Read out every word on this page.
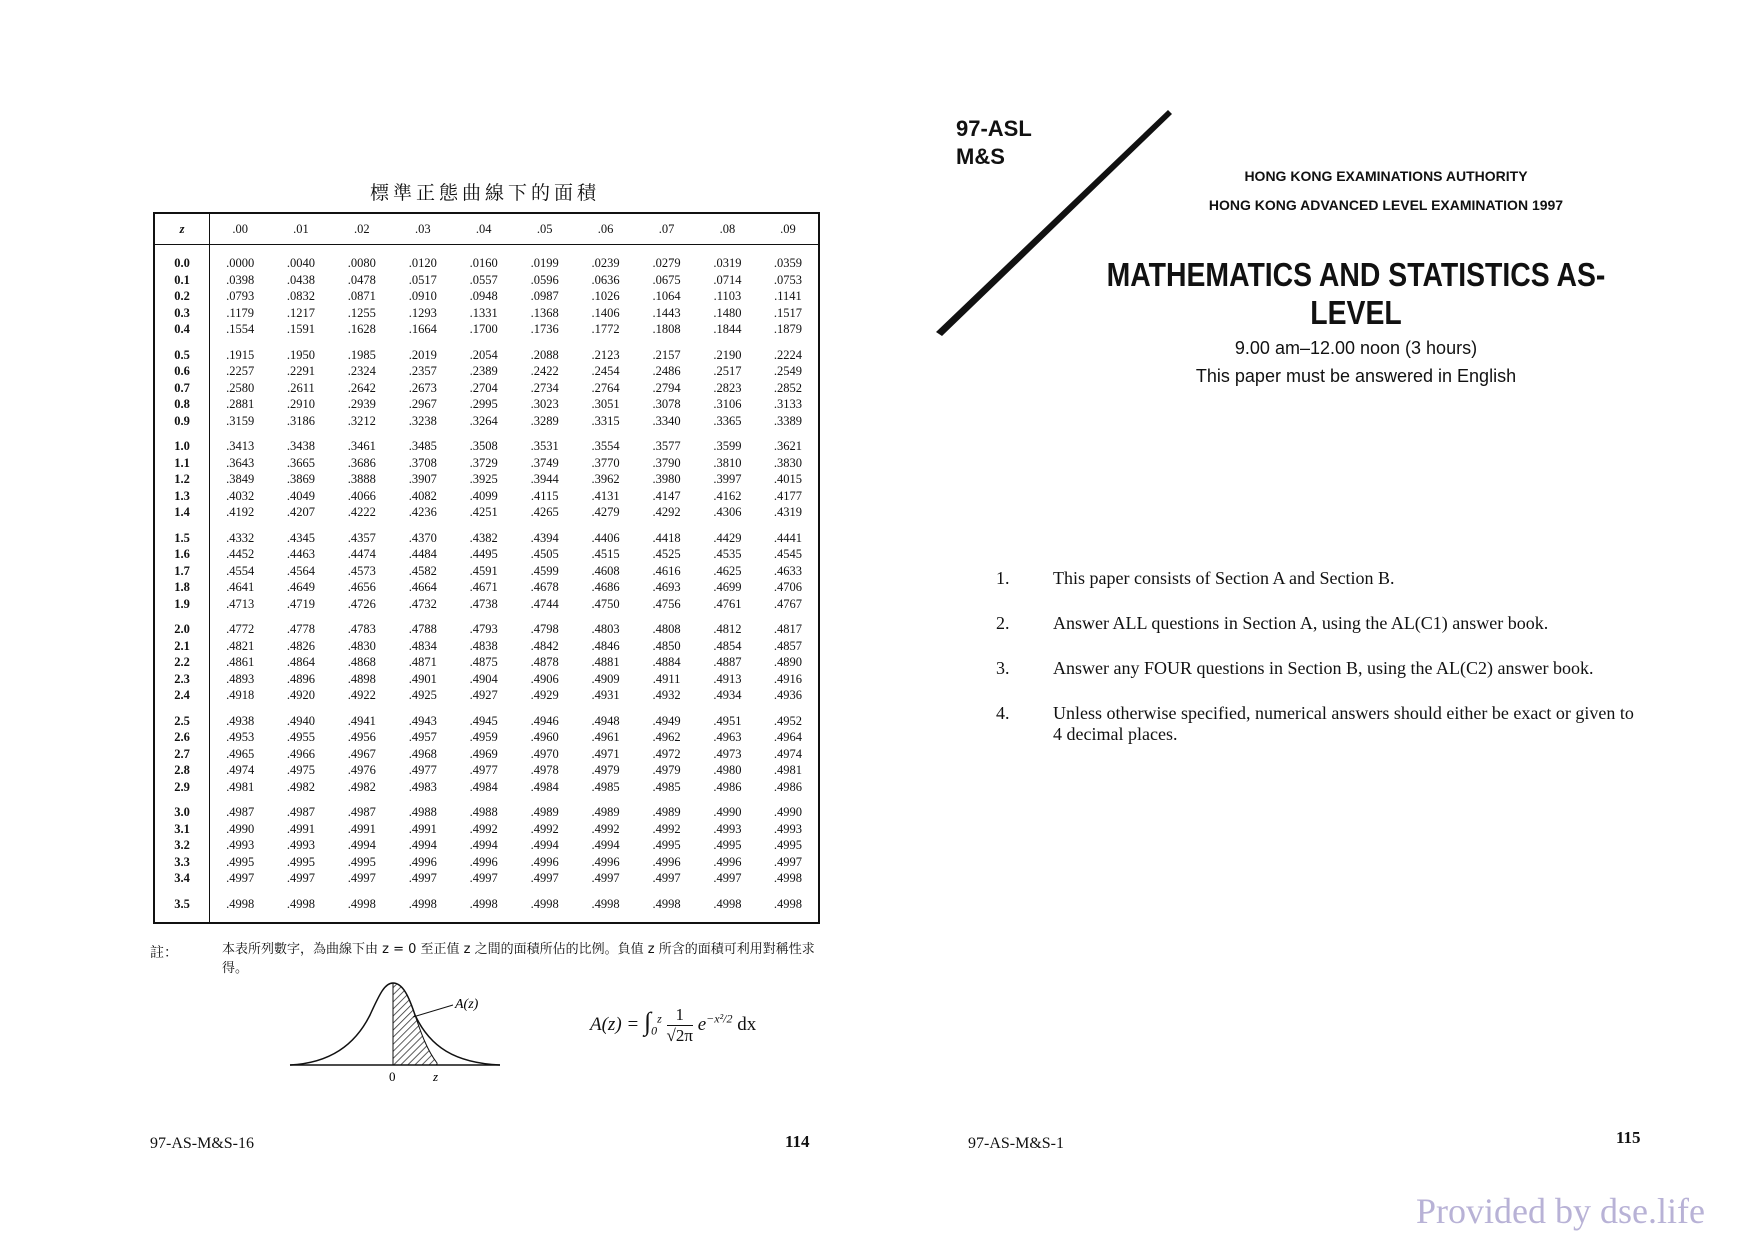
標準正態曲線下的面積
z	.00	.01	.02	.03	.04	.05	.06	.07	.08	.09
0.0	.0000	.0040	.0080	.0120	.0160	.0199	.0239	.0279	.0319	.0359
0.1	.0398	.0438	.0478	.0517	.0557	.0596	.0636	.0675	.0714	.0753
0.2	.0793	.0832	.0871	.0910	.0948	.0987	.1026	.1064	.1103	.1141
0.3	.1179	.1217	.1255	.1293	.1331	.1368	.1406	.1443	.1480	.1517
0.4	.1554	.1591	.1628	.1664	.1700	.1736	.1772	.1808	.1844	.1879
0.5	.1915	.1950	.1985	.2019	.2054	.2088	.2123	.2157	.2190	.2224
0.6	.2257	.2291	.2324	.2357	.2389	.2422	.2454	.2486	.2517	.2549
0.7	.2580	.2611	.2642	.2673	.2704	.2734	.2764	.2794	.2823	.2852
0.8	.2881	.2910	.2939	.2967	.2995	.3023	.3051	.3078	.3106	.3133
0.9	.3159	.3186	.3212	.3238	.3264	.3289	.3315	.3340	.3365	.3389
1.0	.3413	.3438	.3461	.3485	.3508	.3531	.3554	.3577	.3599	.3621
1.1	.3643	.3665	.3686	.3708	.3729	.3749	.3770	.3790	.3810	.3830
1.2	.3849	.3869	.3888	.3907	.3925	.3944	.3962	.3980	.3997	.4015
1.3	.4032	.4049	.4066	.4082	.4099	.4115	.4131	.4147	.4162	.4177
1.4	.4192	.4207	.4222	.4236	.4251	.4265	.4279	.4292	.4306	.4319
1.5	.4332	.4345	.4357	.4370	.4382	.4394	.4406	.4418	.4429	.4441
1.6	.4452	.4463	.4474	.4484	.4495	.4505	.4515	.4525	.4535	.4545
1.7	.4554	.4564	.4573	.4582	.4591	.4599	.4608	.4616	.4625	.4633
1.8	.4641	.4649	.4656	.4664	.4671	.4678	.4686	.4693	.4699	.4706
1.9	.4713	.4719	.4726	.4732	.4738	.4744	.4750	.4756	.4761	.4767
2.0	.4772	.4778	.4783	.4788	.4793	.4798	.4803	.4808	.4812	.4817
2.1	.4821	.4826	.4830	.4834	.4838	.4842	.4846	.4850	.4854	.4857
2.2	.4861	.4864	.4868	.4871	.4875	.4878	.4881	.4884	.4887	.4890
2.3	.4893	.4896	.4898	.4901	.4904	.4906	.4909	.4911	.4913	.4916
2.4	.4918	.4920	.4922	.4925	.4927	.4929	.4931	.4932	.4934	.4936
2.5	.4938	.4940	.4941	.4943	.4945	.4946	.4948	.4949	.4951	.4952
2.6	.4953	.4955	.4956	.4957	.4959	.4960	.4961	.4962	.4963	.4964
2.7	.4965	.4966	.4967	.4968	.4969	.4970	.4971	.4972	.4973	.4974
2.8	.4974	.4975	.4976	.4977	.4977	.4978	.4979	.4979	.4980	.4981
2.9	.4981	.4982	.4982	.4983	.4984	.4984	.4985	.4985	.4986	.4986
3.0	.4987	.4987	.4987	.4988	.4988	.4989	.4989	.4989	.4990	.4990
3.1	.4990	.4991	.4991	.4991	.4992	.4992	.4992	.4992	.4993	.4993
3.2	.4993	.4993	.4994	.4994	.4994	.4994	.4994	.4995	.4995	.4995
3.3	.4995	.4995	.4995	.4996	.4996	.4996	.4996	.4996	.4996	.4997
3.4	.4997	.4997	.4997	.4997	.4997	.4997	.4997	.4997	.4997	.4998
3.5	.4998	.4998	.4998	.4998	.4998	.4998	.4998	.4998	.4998	.4998
註：	本表所列數字，為曲線下由 z = 0 至正值 z 之間的面積所佔的比例。負值 z 所含的面積可利用對稱性求得。
A(z)
0	z
$A(z) = \int_0^z \frac{1}{√2\pi} e^{-x^2/2}$ dx
97-AS-M&S-16	114
97-ASL
M&S
HONG KONG EXAMINATIONS AUTHORITY
HONG KONG ADVANCED LEVEL EXAMINATION 1997
MATHEMATICS AND STATISTICS AS-LEVEL
9.00 am–12.00 noon (3 hours)
This paper must be answered in English
1.	This paper consists of Section A and Section B.
2.	Answer ALL questions in Section A, using the AL(C1) answer book.
3.	Answer any FOUR questions in Section B, using the AL(C2) answer book.
4.	Unless otherwise specified, numerical answers should either be exact or given to 4 decimal places.
97-AS-M&S-1	115
Provided by dse.life
